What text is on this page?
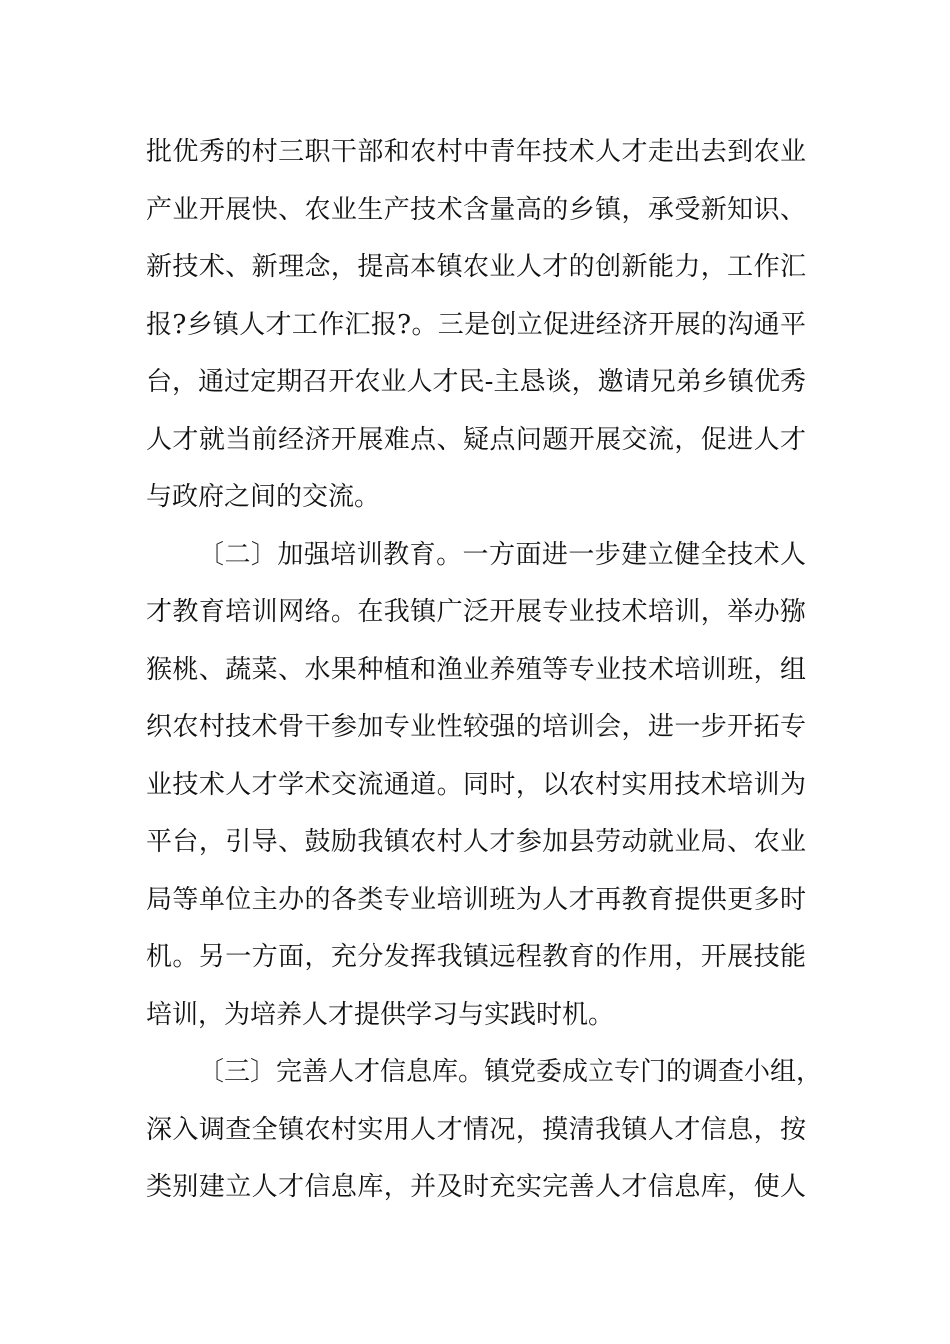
批优秀的村三职干部和农村中青年技术人才走出去到农业
产业开展快、农业生产技术含量高的乡镇，承受新知识、
新技术、新理念，提高本镇农业人才的创新能力，工作汇
报?乡镇人才工作汇报?。三是创立促进经济开展的沟通平
台，通过定期召开农业人才民-主恳谈，邀请兄弟乡镇优秀
人才就当前经济开展难点、疑点问题开展交流，促进人才
与政府之间的交流。
〔二〕加强培训教育。一方面进一步建立健全技术人
才教育培训网络。在我镇广泛开展专业技术培训，举办猕
猴桃、蔬菜、水果种植和渔业养殖等专业技术培训班，组
织农村技术骨干参加专业性较强的培训会，进一步开拓专
业技术人才学术交流通道。同时，以农村实用技术培训为
平台，引导、鼓励我镇农村人才参加县劳动就业局、农业
局等单位主办的各类专业培训班为人才再教育提供更多时
机。另一方面，充分发挥我镇远程教育的作用，开展技能
培训，为培养人才提供学习与实践时机。
〔三〕完善人才信息库。镇党委成立专门的调查小组，
深入调查全镇农村实用人才情况，摸清我镇人才信息，按
类别建立人才信息库，并及时充实完善人才信息库，使人
